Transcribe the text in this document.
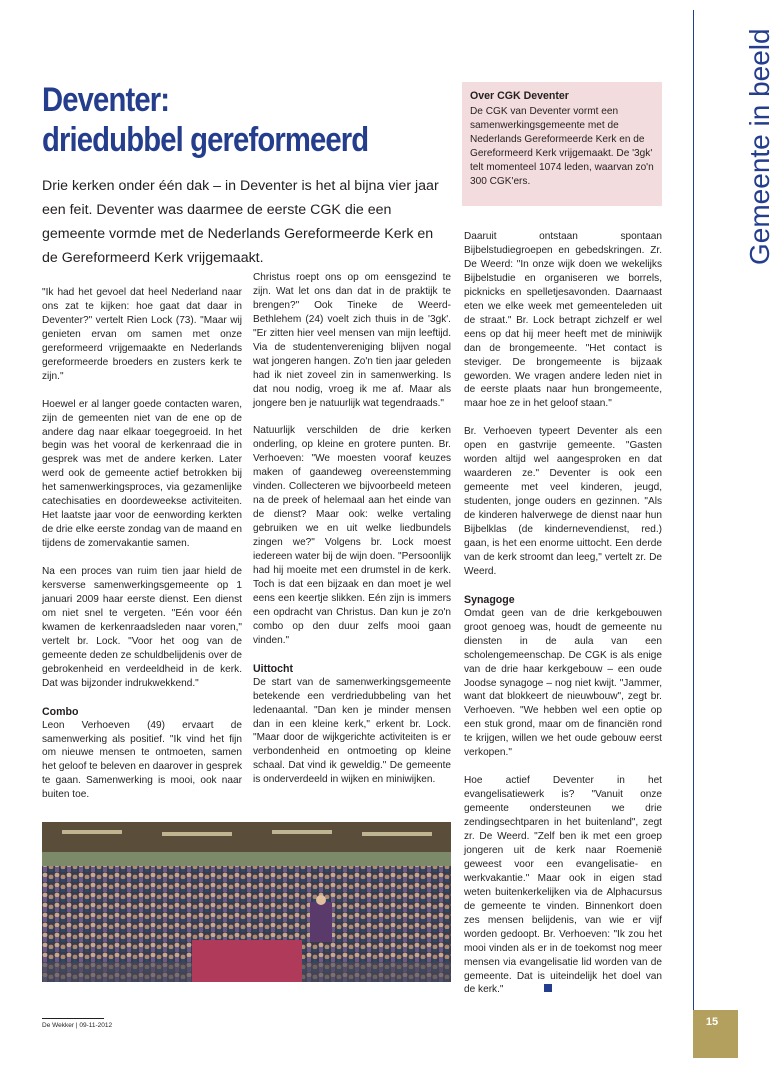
Gemeente in beeld
Deventer:
driedubbel gereformeerd
Drie kerken onder één dak – in Deventer is het al bijna vier jaar een feit. Deventer was daarmee de eerste CGK die een gemeente vormde met de Nederlands Gereformeerde Kerk en de Gereformeerd Kerk vrijgemaakt.
Over CGK Deventer
De CGK van Deventer vormt een samenwerkingsgemeente met de Nederlands Gereformeerde Kerk en de Gereformeerd Kerk vrijgemaakt. De '3gk' telt momenteel 1074 leden, waarvan zo'n 300 CGK'ers.

"Ik had het gevoel dat heel Nederland naar ons zat te kijken: hoe gaat dat daar in Deventer?" vertelt Rien Lock (73). "Maar wij genieten ervan om samen met onze gereformeerd vrijgemaakte en Nederlands gereformeerde broeders en zusters kerk te zijn."

Hoewel er al langer goede contacten waren, zijn de gemeenten niet van de ene op de andere dag naar elkaar toegegroeid. In het begin was het vooral de kerkenraad die in gesprek was met de andere kerken. Later werd ook de gemeente actief betrokken bij het samenwerkingsproces, via gezamenlijke catechisaties en doordeweekse activiteiten. Het laatste jaar voor de eenwording kerkten de drie elke eerste zondag van de maand en tijdens de zomervakantie samen.

Na een proces van ruim tien jaar hield de kersverse samenwerkingsgemeente op 1 januari 2009 haar eerste dienst. Een dienst om niet snel te vergeten. "Eén voor één kwamen de kerkenraadsleden naar voren," vertelt br. Lock. "Voor het oog van de gemeente deden ze schuldbelijdenis over de gebrokenheid en verdeeldheid in de kerk. Dat was bijzonder indrukwekkend."

Combo

Leon Verhoeven (49) ervaart de samenwerking als positief. "Ik vind het fijn om nieuwe mensen te ontmoeten, samen het geloof te beleven en daarover in gesprek te gaan. Samenwerking is mooi, ook naar buiten toe.

Christus roept ons op om eensgezind te zijn. Wat let ons dan dat in de praktijk te brengen?" Ook Tineke de Weerd-Bethlehem (24) voelt zich thuis in de '3gk'. "Er zitten hier veel mensen van mijn leeftijd. Via de studentenvereniging blijven nogal wat jongeren hangen. Zo'n tien jaar geleden had ik niet zoveel zin in samenwerking. Is dat nou nodig, vroeg ik me af. Maar als jongere ben je natuurlijk wat tegendraads."

Natuurlijk verschilden de drie kerken onderling, op kleine en grotere punten. Br. Verhoeven: "We moesten vooraf keuzes maken of gaandeweg overeenstemming vinden. Collecteren we bijvoorbeeld meteen na de preek of helemaal aan het einde van de dienst? Maar ook: welke vertaling gebruiken we en uit welke liedbundels zingen we?" Volgens br. Lock moest iedereen water bij de wijn doen. "Persoonlijk had hij moeite met een drumstel in de kerk. Toch is dat een bijzaak en dan moet je wel eens een keertje slikken. Eén zijn is immers een opdracht van Christus. Dan kun je zo'n combo op den duur zelfs mooi gaan vinden."

Uittocht

De start van de samenwerkingsgemeente betekende een verdriedubbeling van het ledenaantal. "Dan ken je minder mensen dan in een kleine kerk," erkent br. Lock. "Maar door de wijkgerichte activiteiten is er verbondenheid en ontmoeting op kleine schaal. Dat vind ik geweldig." De gemeente is onderverdeeld in wijken en miniwijken.

Daaruit ontstaan spontaan Bijbelstudiegroepen en gebedskringen. Zr. De Weerd: "In onze wijk doen we wekelijks Bijbelstudie en organiseren we borrels, picknicks en spelletjesavonden. Daarnaast eten we elke week met gemeenteleden uit de straat." Br. Lock betrapt zichzelf er wel eens op dat hij meer heeft met de miniwijk dan de brongemeente. "Het contact is steviger. De brongemeente is bijzaak geworden. We vragen andere leden niet in de eerste plaats naar hun brongemeente, maar hoe ze in het geloof staan."

Br. Verhoeven typeert Deventer als een open en gastvrije gemeente. "Gasten worden altijd wel aangesproken en dat waarderen ze." Deventer is ook een gemeente met veel kinderen, jeugd, studenten, jonge ouders en gezinnen. "Als de kinderen halverwege de dienst naar hun Bijbelklas (de kindernevendienst, red.) gaan, is het een enorme uittocht. Een derde van de kerk stroomt dan leeg," vertelt zr. De Weerd.

Synagoge

Omdat geen van de drie kerkgebouwen groot genoeg was, houdt de gemeente nu diensten in de aula van een scholengemeenschap. De CGK is als enige van de drie haar kerkgebouw – een oude Joodse synagoge – nog niet kwijt. "Jammer, want dat blokkeert de nieuwbouw", zegt br. Verhoeven. "We hebben wel een optie op een stuk grond, maar om de financiën rond te krijgen, willen we het oude gebouw eerst verkopen."

Hoe actief Deventer in het evangelisatiewerk is? "Vanuit onze gemeente ondersteunen we drie zendingsechtparen in het buitenland", zegt zr. De Weerd. "Zelf ben ik met een groep jongeren uit de kerk naar Roemenië geweest voor een evangelisatie- en werkvakantie." Maar ook in eigen stad weten buitenkerkelijken via de Alphacursus de gemeente te vinden. Binnenkort doen zes mensen belijdenis, van wie er vijf worden gedoopt. Br. Verhoeven: "Ik zou het mooi vinden als er in de toekomst nog meer mensen via evangelisatie lid worden van de gemeente. Dat is uiteindelijk het doel van de kerk."

De Wekker | 09-11-2012	15
